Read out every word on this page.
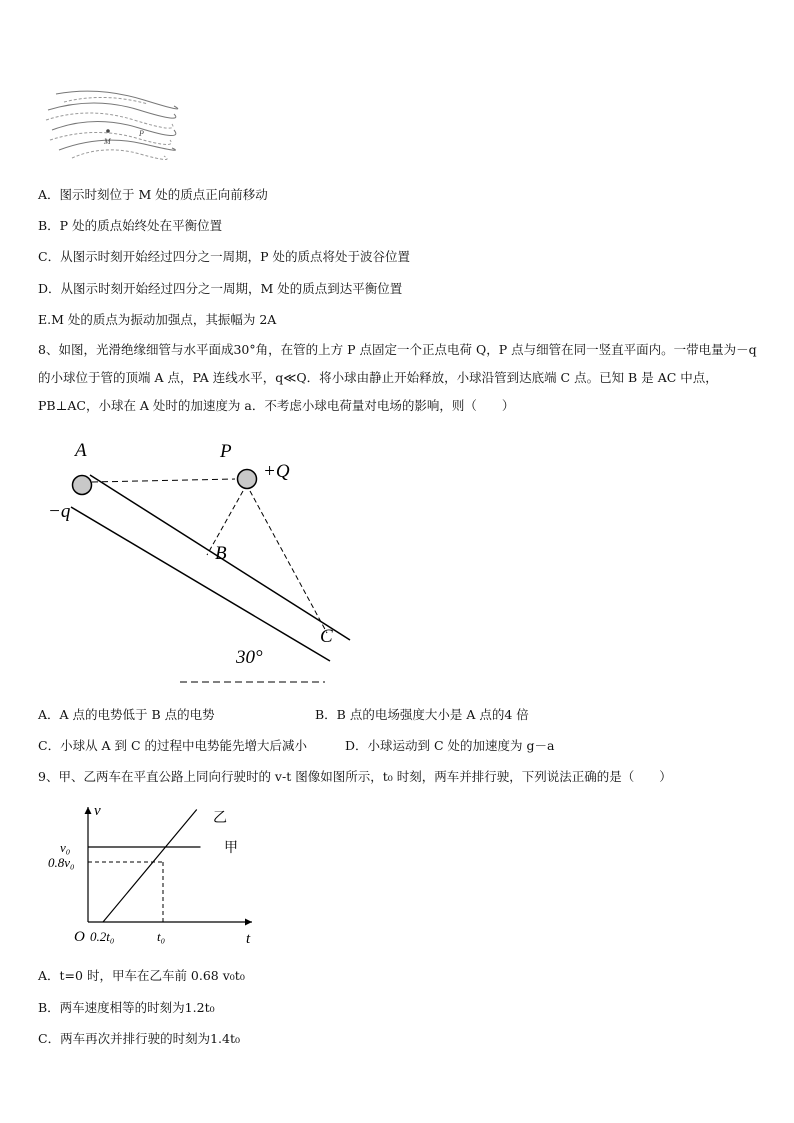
M
P
A．图示时刻位于 M 处的质点正向前移动
B．P 处的质点始终处在平衡位置
C．从图示时刻开始经过四分之一周期，P 处的质点将处于波谷位置
D．从图示时刻开始经过四分之一周期，M 处的质点到达平衡位置
E.M 处的质点为振动加强点，其振幅为 2A
8、如图，光滑绝缘细管与水平面成30°角，在管的上方 P 点固定一个正点电荷 Q，P 点与细管在同一竖直平面内。一带电量为－q 的小球位于管的顶端 A 点，PA 连线水平，q≪Q．将小球由静止开始释放，小球沿管到达底端 C 点。已知 B 是 AC 中点，PB⊥AC，小球在 A 处时的加速度为 a．不考虑小球电荷量对电场的影响，则（　　）
A	P
+Q
−q
B
C
30°
A．A 点的电势低于 B 点的电势	B．B 点的电场强度大小是 A 点的4 倍
C．小球从 A 到 C 的过程中电势能先增大后减小	D．小球运动到 C 处的加速度为 g－a
9、甲、乙两车在平直公路上同向行驶时的 v-t 图像如图所示，t₀ 时刻，两车并排行驶，下列说法正确的是（　　）
v
t
O 0.2t₀	t₀
v₀
0.8v₀
甲
乙
A．t=0 时，甲车在乙车前 0.68 v₀t₀
B．两车速度相等的时刻为1.2t₀
C．两车再次并排行驶的时刻为1.4t₀
